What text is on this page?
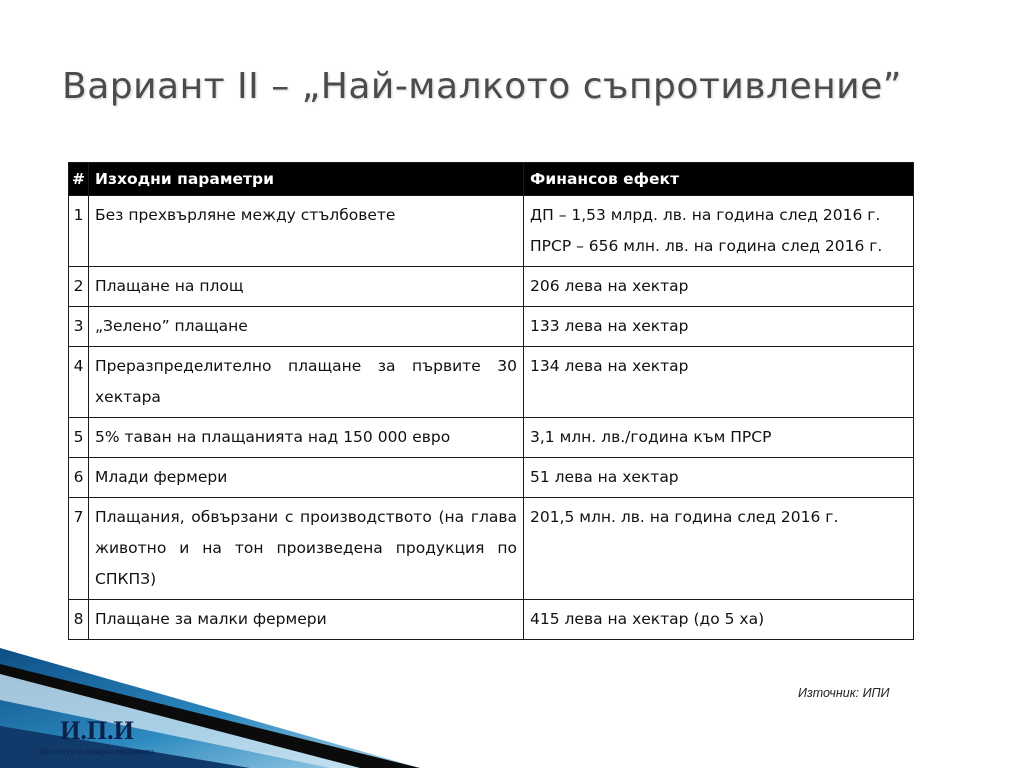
Вариант II – „Най-малкото съпротивление”
#	Изходни параметри	Финансов ефект
1	Без прехвърляне между стълбовете	ДП – 1,53 млрд. лв. на година след 2016 г.

ПРСР – 656 млн. лв. на година след 2016 г.

2	Плащане на площ	206 лева на хектар

3	„Зелено” плащане	133 лева на хектар

4	Преразпределително плащане за първите 30 хектара	134 лева на хектар

5	5% таван на плащанията над 150 000 евро	3,1 млн. лв./година към ПРСР

6	Млади фермери	51 лева на хектар

7	Плащания, обвързани с производството (на глава животно и на тон произведена продукция по СПКПЗ)	201,5 млн. лв. на година след 2016 г.

8	Плащане за малки фермери	415 лева на хектар (до 5 ха)

Източник: ИПИ
И.П.И
Институт за пазарна икономика
